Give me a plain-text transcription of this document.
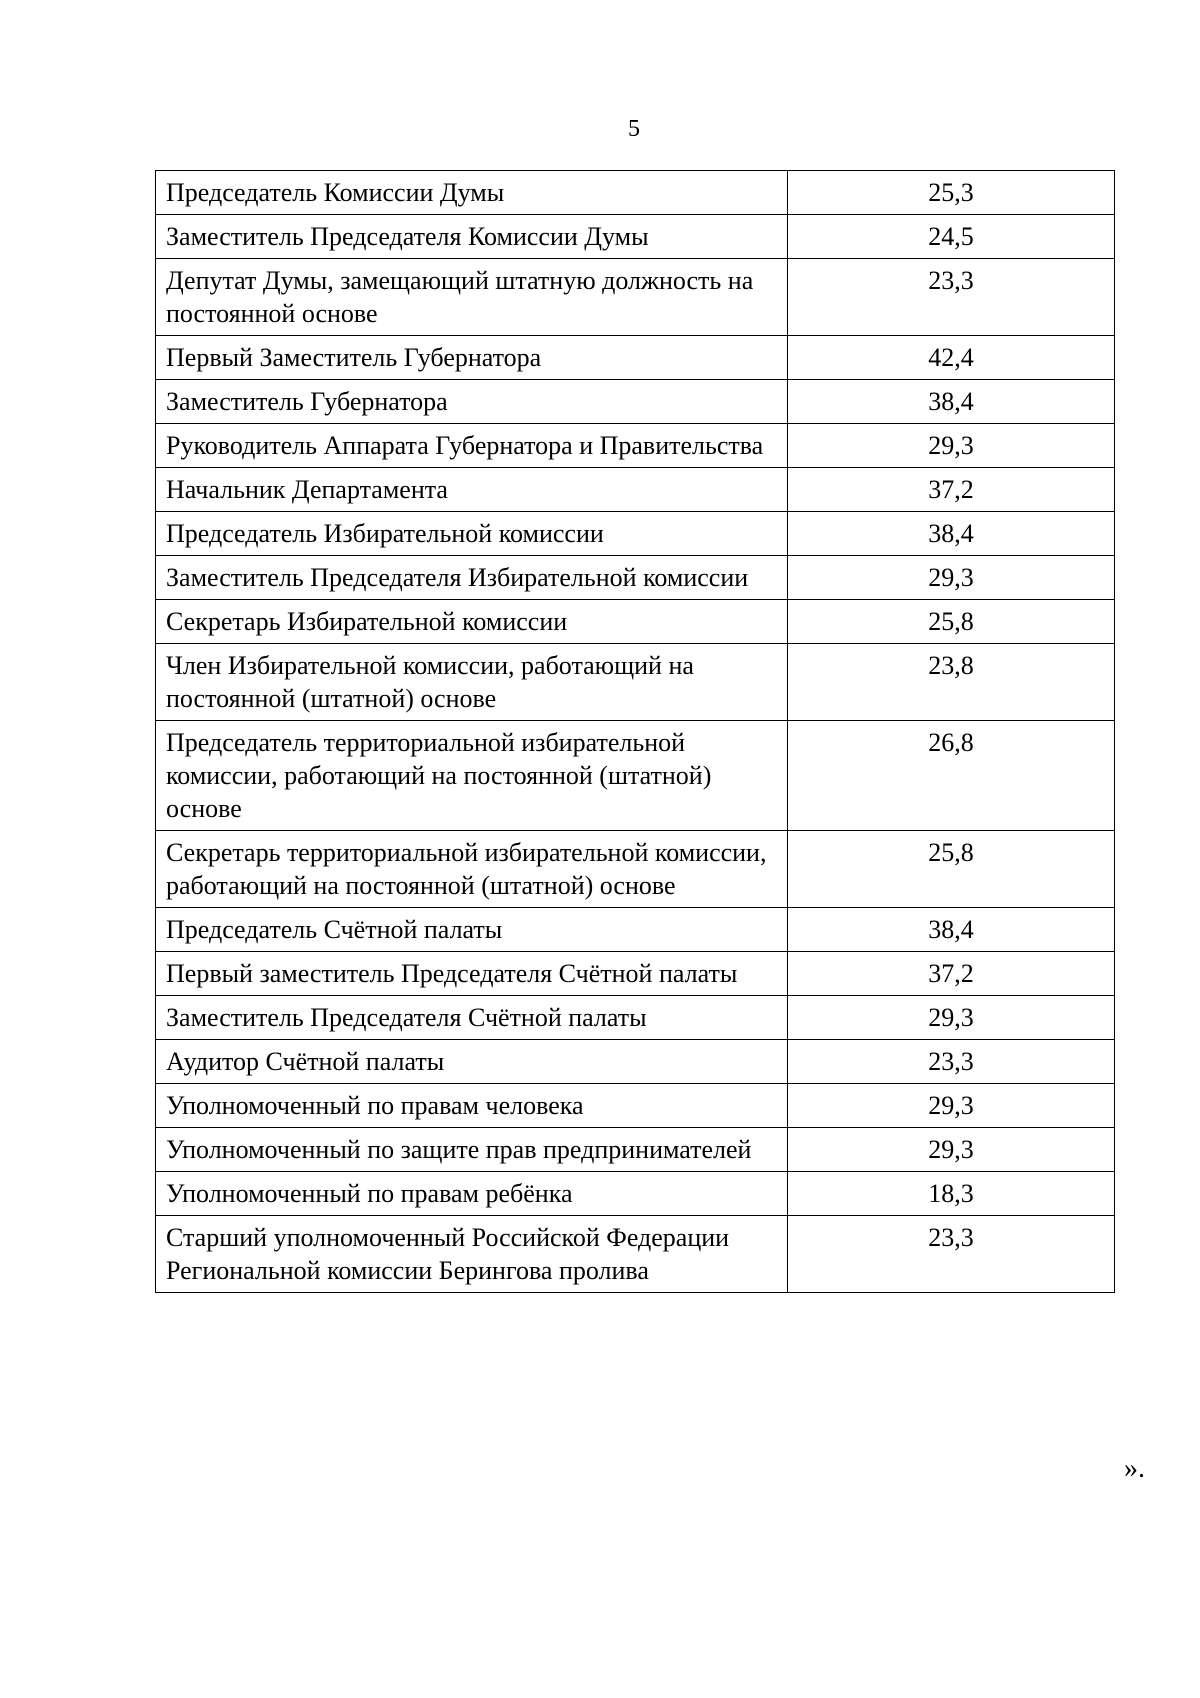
5
Председатель Комиссии Думы	25,3
Заместитель Председателя Комиссии Думы	24,5
Депутат Думы, замещающий штатную должность на постоянной основе	23,3
Первый Заместитель Губернатора	42,4
Заместитель Губернатора	38,4
Руководитель Аппарата Губернатора и Правительства	29,3
Начальник Департамента	37,2
Председатель Избирательной комиссии	38,4
Заместитель Председателя Избирательной комиссии	29,3
Секретарь Избирательной комиссии	25,8
Член Избирательной комиссии, работающий на постоянной (штатной) основе	23,8
Председатель территориальной избирательной комиссии, работающий на постоянной (штатной) основе	26,8
Секретарь территориальной избирательной комиссии, работающий на постоянной (штатной) основе	25,8
Председатель Счётной палаты	38,4
Первый заместитель Председателя Счётной палаты	37,2
Заместитель Председателя Счётной палаты	29,3
Аудитор Счётной палаты	23,3
Уполномоченный по правам человека	29,3
Уполномоченный по защите прав предпринимателей	29,3
Уполномоченный по правам ребёнка	18,3
Старший уполномоченный Российской Федерации Региональной комиссии Берингова пролива	23,3
».
